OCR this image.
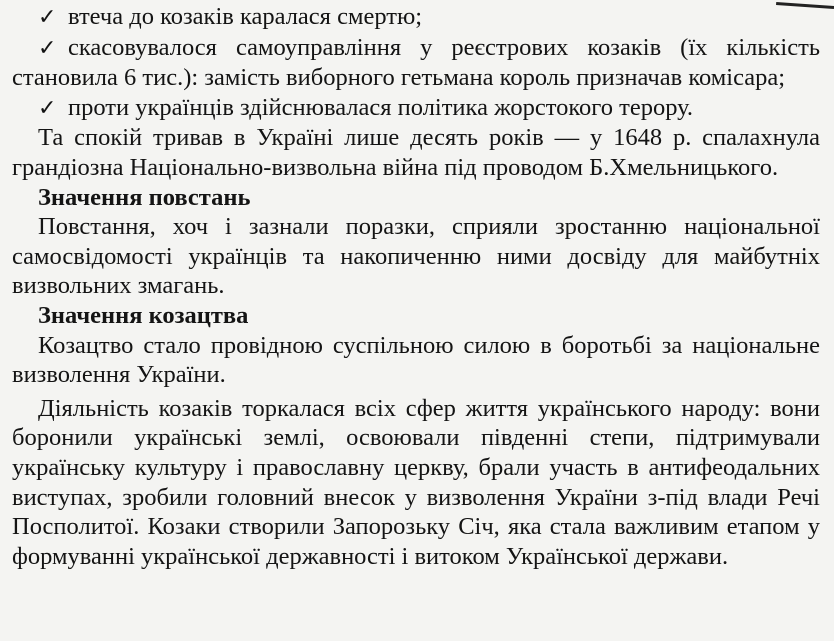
✓ втеча до козаків каралася смертю;

✓ скасовувалося самоуправління у реєстрових козаків (їх кількість становила 6 тис.): замість виборного гетьмана король призначав комісара;

✓ проти українців здійснювалася політика жорстокого терору.

Та спокій тривав в Україні лише десять років — у 1648 р. спалахнула грандіозна Національно-визвольна війна під проводом Б.Хмельницького.

Значення повстань

Повстання, хоч і зазнали поразки, сприяли зростанню національної самосвідомості українців та накопиченню ними досвіду для майбутніх визвольних змагань.

Значення козацтва

Козацтво стало провідною суспільною силою в боротьбі за національне визволення України.

Діяльність козаків торкалася всіх сфер життя українського народу: вони боронили українські землі, освоювали південні степи, підтримували українську культуру і православну церкву, брали участь в антифеодальних виступах, зробили головний внесок у визволення України з-під влади Речі Посполитої. Козаки створили Запорозьку Січ, яка стала важливим етапом у формуванні української державності і витоком Української держави.
